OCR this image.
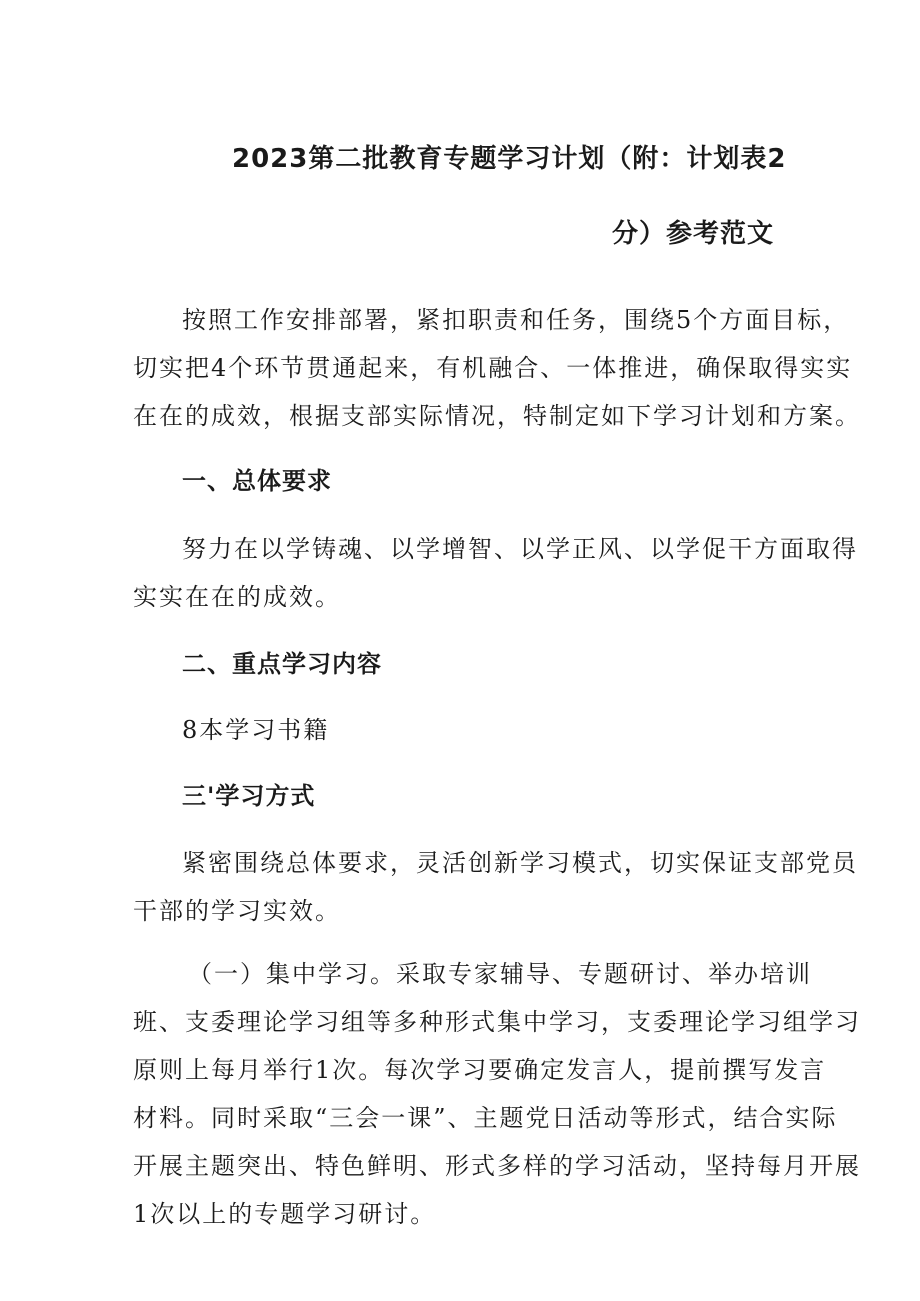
2023第二批教育专题学习计划（附：计划表2
分）参考范文
按照工作安排部署，紧扣职责和任务，围绕5个方面目标，
切实把4个环节贯通起来，有机融合、一体推进，确保取得实实
在在的成效，根据支部实际情况，特制定如下学习计划和方案。
一、总体要求
努力在以学铸魂、以学增智、以学正风、以学促干方面取得
实实在在的成效。
二、重点学习内容
8本学习书籍
三'学习方式
紧密围绕总体要求，灵活创新学习模式，切实保证支部党员
干部的学习实效。
（一）集中学习。采取专家辅导、专题研讨、举办培训
班、支委理论学习组等多种形式集中学习，支委理论学习组学习
原则上每月举行1次。每次学习要确定发言人，提前撰写发言
材料。同时采取“三会一课”、主题党日活动等形式，结合实际
开展主题突出、特色鲜明、形式多样的学习活动，坚持每月开展
1次以上的专题学习研讨。
